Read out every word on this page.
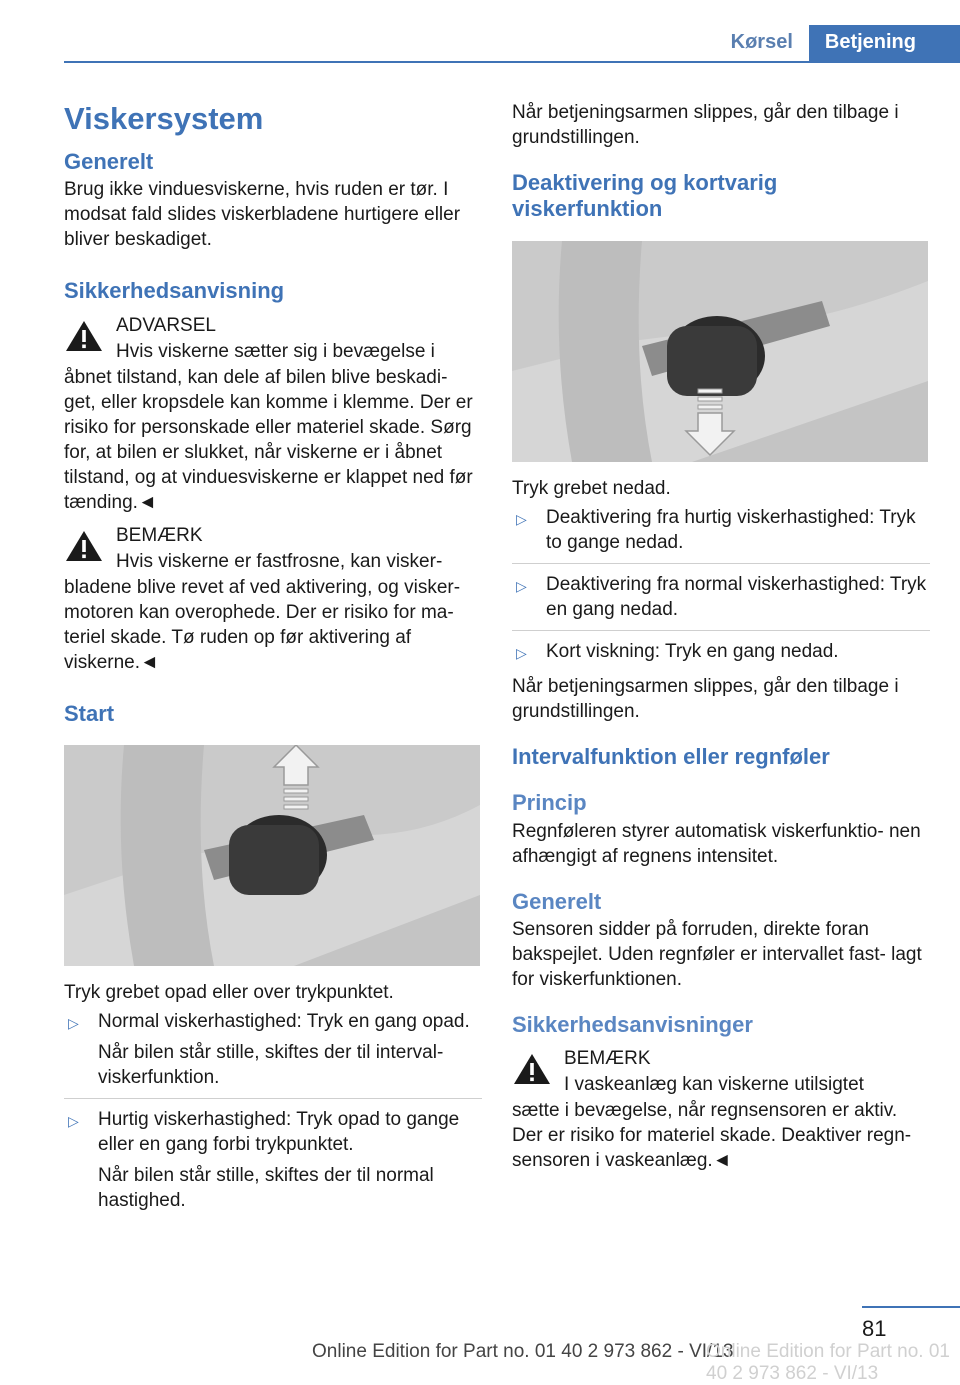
Kørsel	Betjening
Viskersystem
Generelt

Brug ikke vinduesviskerne, hvis ruden er tør. I modsat fald slides viskerbladene hurtigere eller bliver beskadiget.

Sikkerhedsanvisning

ADVARSEL

Hvis viskerne sætter sig i bevægelse i

åbnet tilstand, kan dele af bilen blive beskadi- get, eller kropsdele kan komme i klemme. Der er risiko for personskade eller materiel skade. Sørg for, at bilen er slukket, når viskerne er i åbnet tilstand, og at vinduesviskerne er klappet ned før tænding.◄

BEMÆRK

Hvis viskerne er fastfrosne, kan visker-

bladene blive revet af ved aktivering, og visker- motoren kan overophede. Der er risiko for ma- teriel skade. Tø ruden op før aktivering af viskerne.◄

Start

Tryk grebet opad eller over trykpunktet.

▷ Normal viskerhastighed: Tryk en gang opad.
Når bilen står stille, skiftes der til interval- viskerfunktion.
▷ Hurtig viskerhastighed: Tryk opad to gange eller en gang forbi trykpunktet.
Når bilen står stille, skiftes der til normal hastighed.

Når betjeningsarmen slippes, går den tilbage i grundstillingen.

Deaktivering og kortvarig viskerfunktion

Tryk grebet nedad.

▷ Deaktivering fra hurtig viskerhastighed: Tryk to gange nedad.
▷ Deaktivering fra normal viskerhastighed: Tryk en gang nedad.
▷ Kort viskning: Tryk en gang nedad.

Når betjeningsarmen slippes, går den tilbage i grundstillingen.

Intervalfunktion eller regnføler
Princip

Regnføleren styrer automatisk viskerfunktio- nen afhængigt af regnens intensitet.

Generelt

Sensoren sidder på forruden, direkte foran bakspejlet. Uden regnføler er intervallet fast- lagt for viskerfunktionen.

Sikkerhedsanvisninger

BEMÆRK

I vaskeanlæg kan viskerne utilsigtet

sætte i bevægelse, når regnsensoren er aktiv. Der er risiko for materiel skade. Deaktiver regn- sensoren i vaskeanlæg.◄

81
Online Edition for Part no. 01 40 2 973 862 - VI/13
Online Edition for Part no. 01 40 2 973 862 - VI/13
